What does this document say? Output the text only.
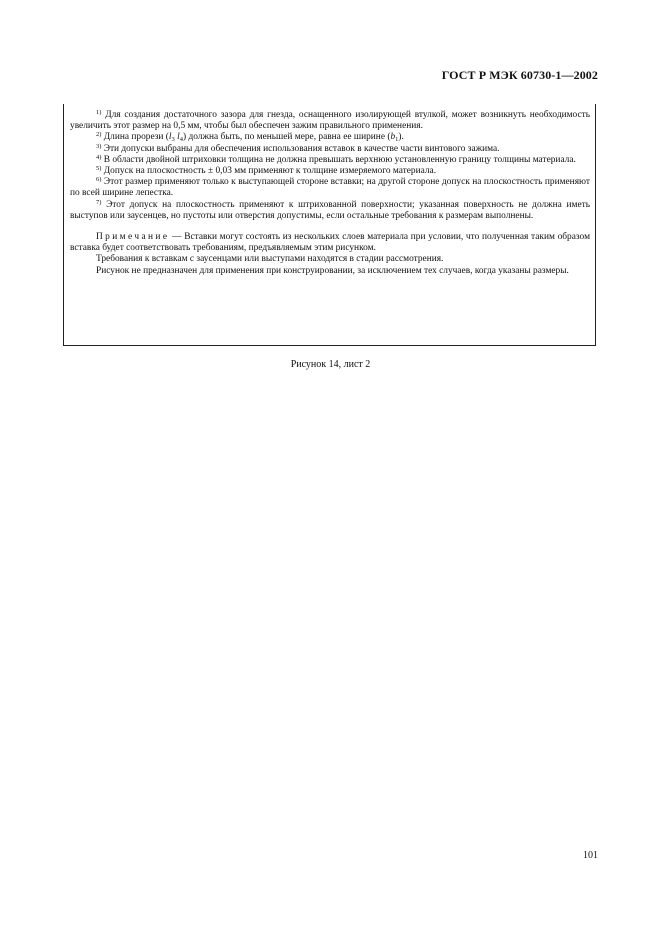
ГОСТ Р МЭК 60730-1—2002

$^{1)}$ Для создания достаточного зазора для гнезда, оснащенного изолирующей втулкой, может возникнуть необходимость увеличить этот размер на 0,5 мм, чтобы был обеспечен зажим правильного применения.

$^{2)}$ Длина прорези ($l_3$ $l_4$) должна быть, по меньшей мере, равна ее ширине $(b_1)$.

$^{3)}$ Эти допуски выбраны для обеспечения использования вставок в качестве части винтового зажима.

$^{4)}$ В области двойной штриховки толщина не должна превышать верхнюю установленную границу толщины материала.

$^{5)}$ Допуск на плоскостность ± 0,03 мм применяют к толщине измеряемого материала.

$^{6)}$ Этот размер применяют только к выступающей стороне вставки; на другой стороне допуск на плоскостность применяют по всей ширине лепестка.

$^{7)}$ Этот допуск на плоскостность применяют к штрихованной поверхности; указанная поверхность не должна иметь выступов или заусенцев, но пустоты или отверстия допустимы, если остальные требования к размерам выполнены.

Примечание — Вставки могут состоять из нескольких слоев материала при условии, что полученная таким образом вставка будет соответствовать требованиям, предъявляемым этим рисунком.

Требования к вставкам с заусенцами или выступами находятся в стадии рассмотрения.

Рисунок не предназначен для применения при конструировании, за исключением тех случаев, когда указаны размеры.

Рисунок 14, лист 2
101
